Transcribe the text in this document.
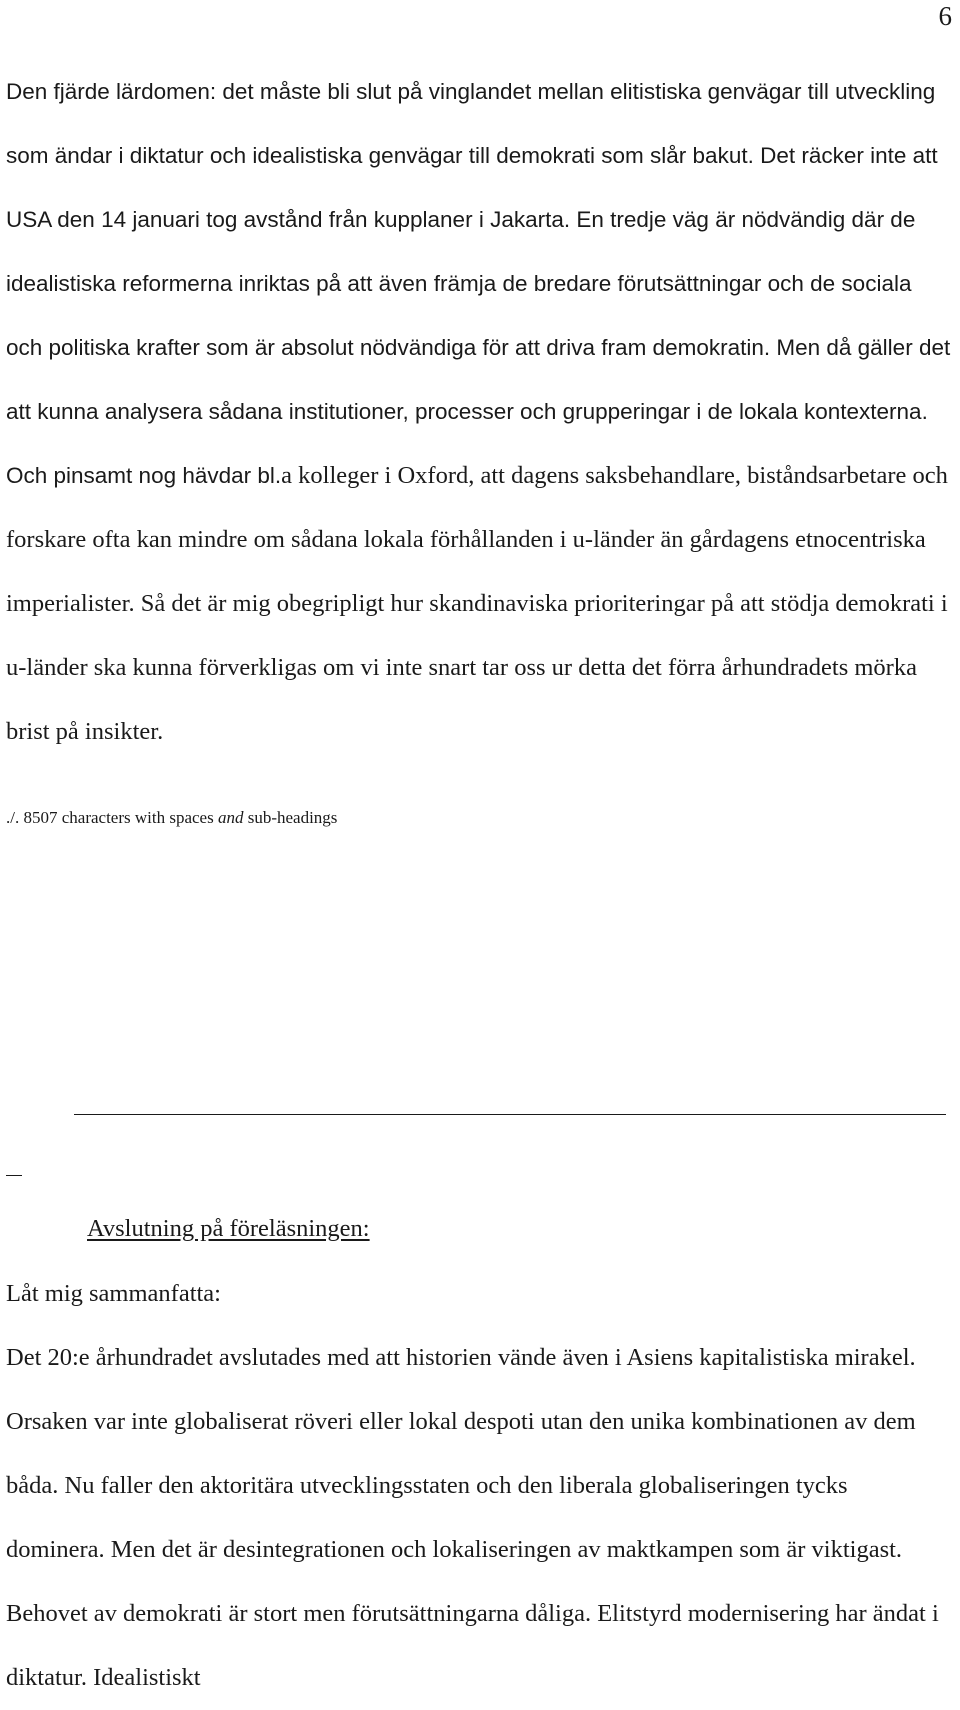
6

Den fjärde lärdomen: det måste bli slut på vinglandet mellan elitistiska genvägar till utveckling som ändar i diktatur och idealistiska genvägar till demokrati som slår bakut. Det räcker inte att USA den 14 januari tog avstånd från kupplaner i Jakarta. En tredje väg är nödvändig där de idealistiska reformerna inriktas på att även främja de bredare förutsättningar och de sociala och politiska krafter som är absolut nödvändiga för att driva fram demokratin. Men då gäller det att kunna analysera sådana institutioner, processer och grupperingar i de lokala kontexterna. Och pinsamt nog hävdar bl.a kolleger i Oxford, att dagens saksbehandlare, biståndsarbetare och forskare ofta kan mindre om sådana lokala förhållanden i u-länder än gårdagens etnocentriska imperialister. Så det är mig obegripligt hur skandinaviska prioriteringar på att stödja demokrati i u-länder ska kunna förverkligas om vi inte snart tar oss ur detta det förra århundradets mörka brist på insikter.

./. 8507 characters with spaces and sub-headings
Avslutning på föreläsningen:

Låt mig sammanfatta:

Det 20:e århundradet avslutades med att historien vände även i Asiens kapitalistiska mirakel. Orsaken var inte globaliserat röveri eller lokal despoti utan den unika kombinationen av dem båda. Nu faller den aktoritära utvecklingsstaten och den liberala globaliseringen tycks dominera. Men det är desintegrationen och lokaliseringen av maktkampen som är viktigast. Behovet av demokrati är stort men förutsättningarna dåliga. Elitstyrd modernisering har ändat i diktatur. Idealistiskt
